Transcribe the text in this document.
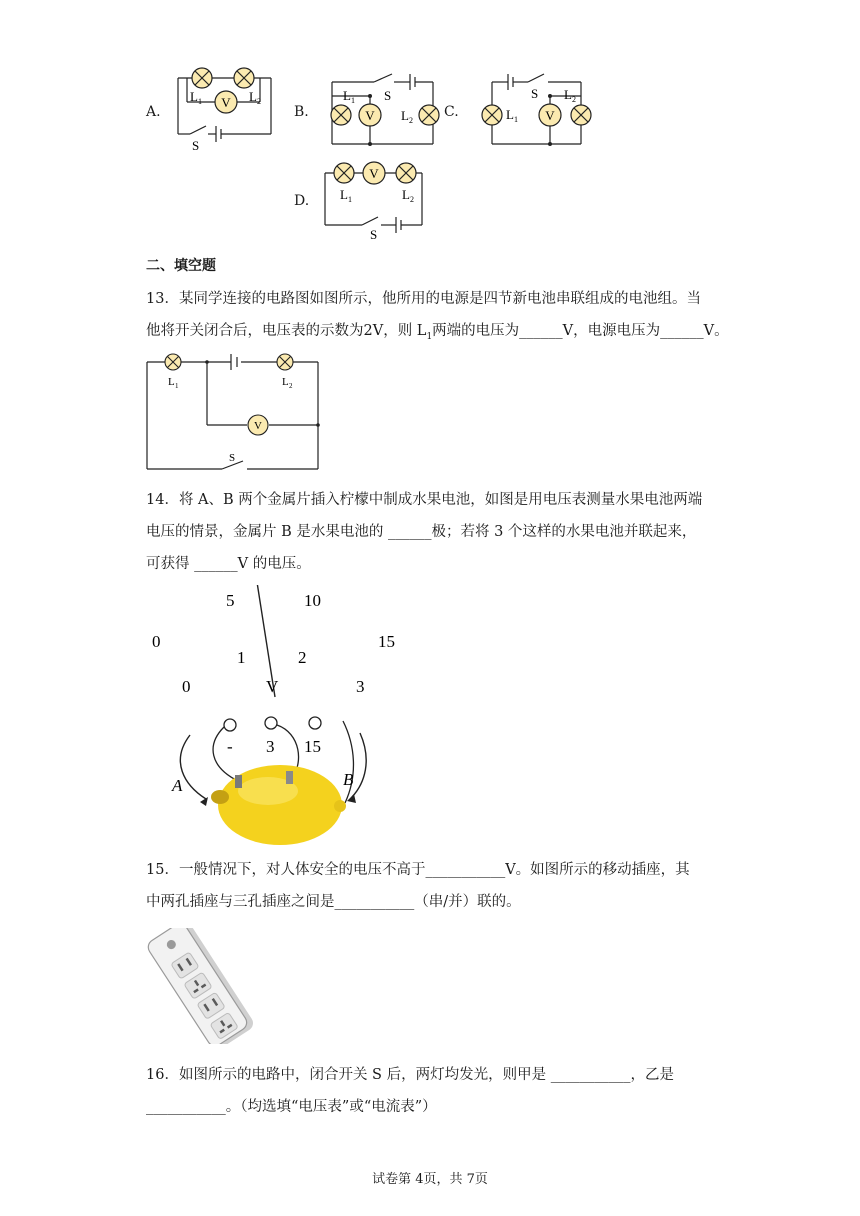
A.	B.	C.
D.
V
L 1	L 2
S
V
L 1
L 2
S
V
L 1
L 2
S
V
L 1	L 2
S
二、填空题
13．某同学连接的电路图如图所示，他所用的电源是四节新电池串联组成的电池组。当
他将开关闭合后，电压表的示数为2V，则 $L_1$两端的电压为______V，电源电压为______V。
V
L 1	L 2
S
14．将 A、B 两个金属片插入柠檬中制成水果电池，如图是用电压表测量水果电池两端
电压的情景，金属片 B 是水果电池的 ______极；若将 3 个这样的水果电池并联起来，
可获得 ______V 的电压。
0
5	10
15
0
1	2
3
V
- 3 15
A	B
15．一般情况下，对人体安全的电压不高于___________V。如图所示的移动插座，其
中两孔插座与三孔插座之间是___________（串/并）联的。
16．如图所示的电路中，闭合开关 S 后，两灯均发光，则甲是 ___________，乙是
___________。（均选填“电压表”或“电流表”）
试卷第 4页，共 7页
